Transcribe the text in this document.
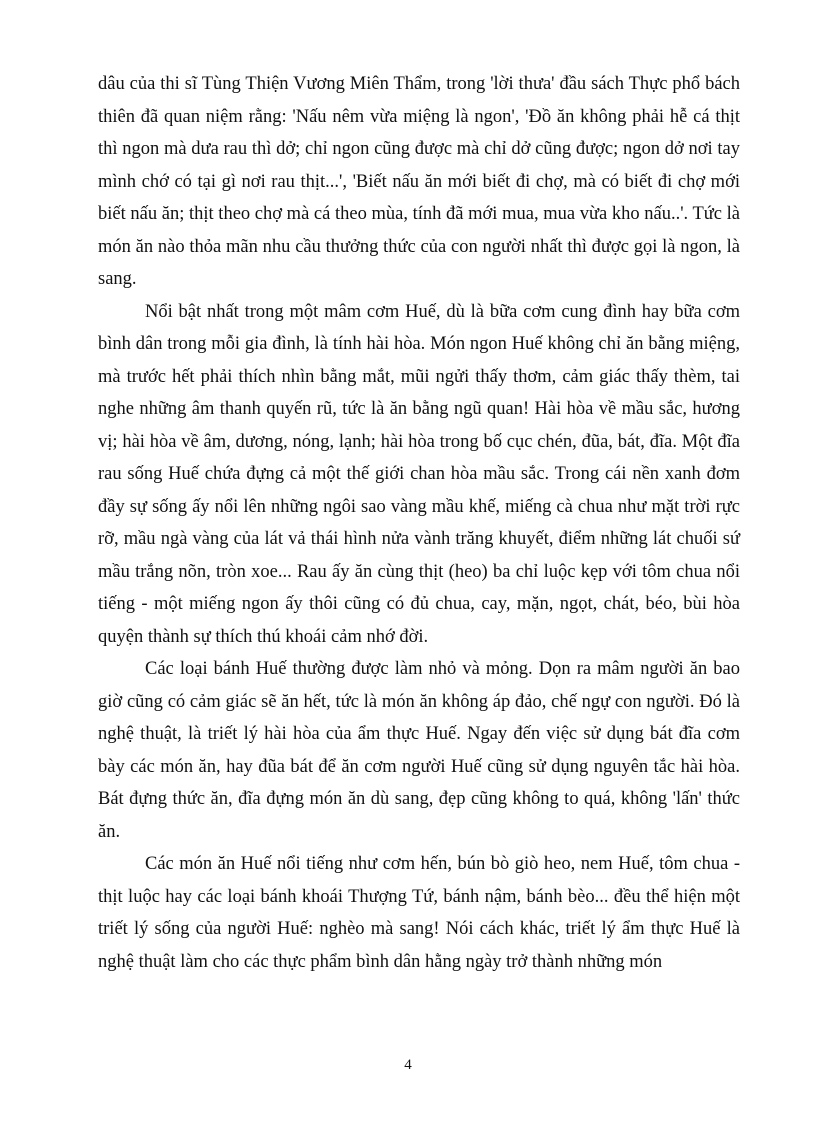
dâu của thi sĩ Tùng Thiện Vương Miên Thẩm, trong 'lời thưa' đầu sách Thực phổ bách thiên đã quan niệm rằng: 'Nấu nêm vừa miệng là ngon', 'Đồ ăn không phải hễ cá thịt thì ngon mà dưa rau thì dở; chỉ ngon cũng được mà chỉ dở cũng được; ngon dở nơi tay mình chớ có tại gì nơi rau thịt...', 'Biết nấu ăn mới biết đi chợ, mà có biết đi chợ mới biết nấu ăn; thịt theo chợ mà cá theo mùa, tính đã mới mua, mua vừa kho nấu..'. Tức là món ăn nào thỏa mãn nhu cầu thưởng thức của con người nhất thì được gọi là ngon, là sang.

Nổi bật nhất trong một mâm cơm Huế, dù là bữa cơm cung đình hay bữa cơm bình dân trong mỗi gia đình, là tính hài hòa. Món ngon Huế không chỉ ăn bằng miệng, mà trước hết phải thích nhìn bằng mắt, mũi ngửi thấy thơm, cảm giác thấy thèm, tai nghe những âm thanh quyến rũ, tức là ăn bằng ngũ quan! Hài hòa về mầu sắc, hương vị; hài hòa về âm, dương, nóng, lạnh; hài hòa trong bố cục chén, đũa, bát, đĩa. Một đĩa rau sống Huế chứa đựng cả một thế giới chan hòa mầu sắc. Trong cái nền xanh đơm đầy sự sống ấy nổi lên những ngôi sao vàng mầu khế, miếng cà chua như mặt trời rực rỡ, mầu ngà vàng của lát vả thái hình nửa vành trăng khuyết, điểm những lát chuối sứ mầu trắng nõn, tròn xoe... Rau ấy ăn cùng thịt (heo) ba chỉ luộc kẹp với tôm chua nổi tiếng - một miếng ngon ấy thôi cũng có đủ chua, cay, mặn, ngọt, chát, béo, bùi hòa quyện thành sự thích thú khoái cảm nhớ đời.

Các loại bánh Huế thường được làm nhỏ và mỏng. Dọn ra mâm người ăn bao giờ cũng có cảm giác sẽ ăn hết, tức là món ăn không áp đảo, chế ngự con người. Đó là nghệ thuật, là triết lý hài hòa của ẩm thực Huế. Ngay đến việc sử dụng bát đĩa cơm bày các món ăn, hay đũa bát để ăn cơm người Huế cũng sử dụng nguyên tắc hài hòa. Bát đựng thức ăn, đĩa đựng món ăn dù sang, đẹp cũng không to quá, không 'lấn' thức ăn.

Các món ăn Huế nổi tiếng như cơm hến, bún bò giò heo, nem Huế, tôm chua - thịt luộc hay các loại bánh khoái Thượng Tứ, bánh nậm, bánh bèo... đều thể hiện một triết lý sống của người Huế: nghèo mà sang! Nói cách khác, triết lý ẩm thực Huế là nghệ thuật làm cho các thực phẩm bình dân hằng ngày trở thành những món

4
